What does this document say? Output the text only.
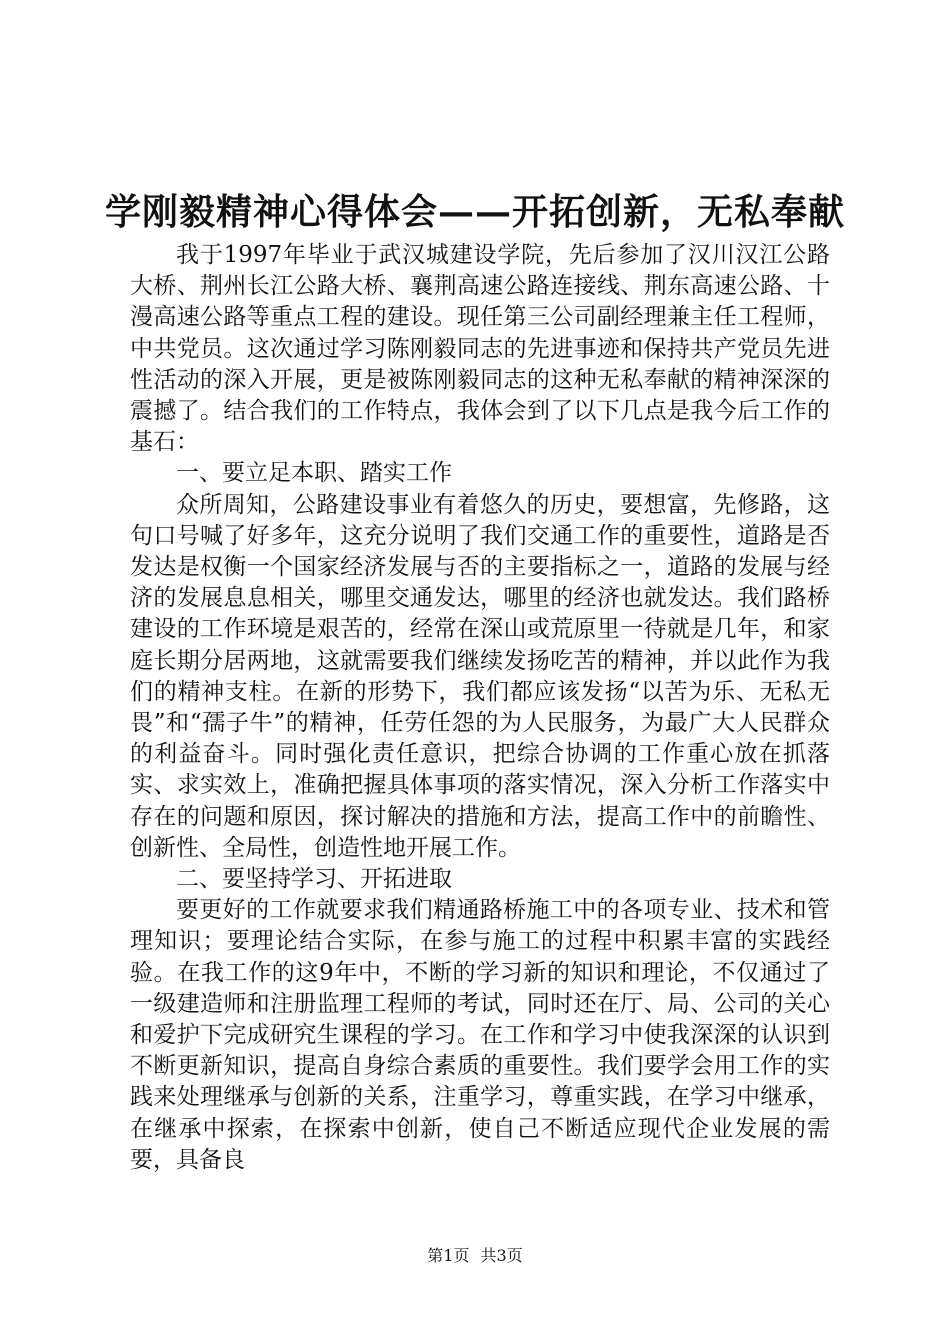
学刚毅精神心得体会——开拓创新，无私奉献

我于1997年毕业于武汉城建设学院，先后参加了汉川汉江公路大桥、荆州长江公路大桥、襄荆高速公路连接线、荆东高速公路、十漫高速公路等重点工程的建设。现任第三公司副经理兼主任工程师，中共党员。这次通过学习陈刚毅同志的先进事迹和保持共产党员先进性活动的深入开展，更是被陈刚毅同志的这种无私奉献的精神深深的震撼了。结合我们的工作特点，我体会到了以下几点是我今后工作的基石：

一、要立足本职、踏实工作

众所周知，公路建设事业有着悠久的历史，要想富，先修路，这句口号喊了好多年，这充分说明了我们交通工作的重要性，道路是否发达是权衡一个国家经济发展与否的主要指标之一，道路的发展与经济的发展息息相关，哪里交通发达，哪里的经济也就发达。我们路桥建设的工作环境是艰苦的，经常在深山或荒原里一待就是几年，和家庭长期分居两地，这就需要我们继续发扬吃苦的精神，并以此作为我们的精神支柱。在新的形势下，我们都应该发扬“以苦为乐、无私无畏”和“孺子牛”的精神，任劳任怨的为人民服务，为最广大人民群众的利益奋斗。同时强化责任意识，把综合协调的工作重心放在抓落实、求实效上，准确把握具体事项的落实情况，深入分析工作落实中存在的问题和原因，探讨解决的措施和方法，提高工作中的前瞻性、创新性、全局性，创造性地开展工作。

二、要坚持学习、开拓进取

要更好的工作就要求我们精通路桥施工中的各项专业、技术和管理知识；要理论结合实际，在参与施工的过程中积累丰富的实践经验。在我工作的这9年中，不断的学习新的知识和理论，不仅通过了一级建造师和注册监理工程师的考试，同时还在厅、局、公司的关心和爱护下完成研究生课程的学习。在工作和学习中使我深深的认识到不断更新知识，提高自身综合素质的重要性。我们要学会用工作的实践来处理继承与创新的关系，注重学习，尊重实践，在学习中继承，在继承中探索，在探索中创新，使自己不断适应现代企业发展的需要，具备良

第1页 共3页
